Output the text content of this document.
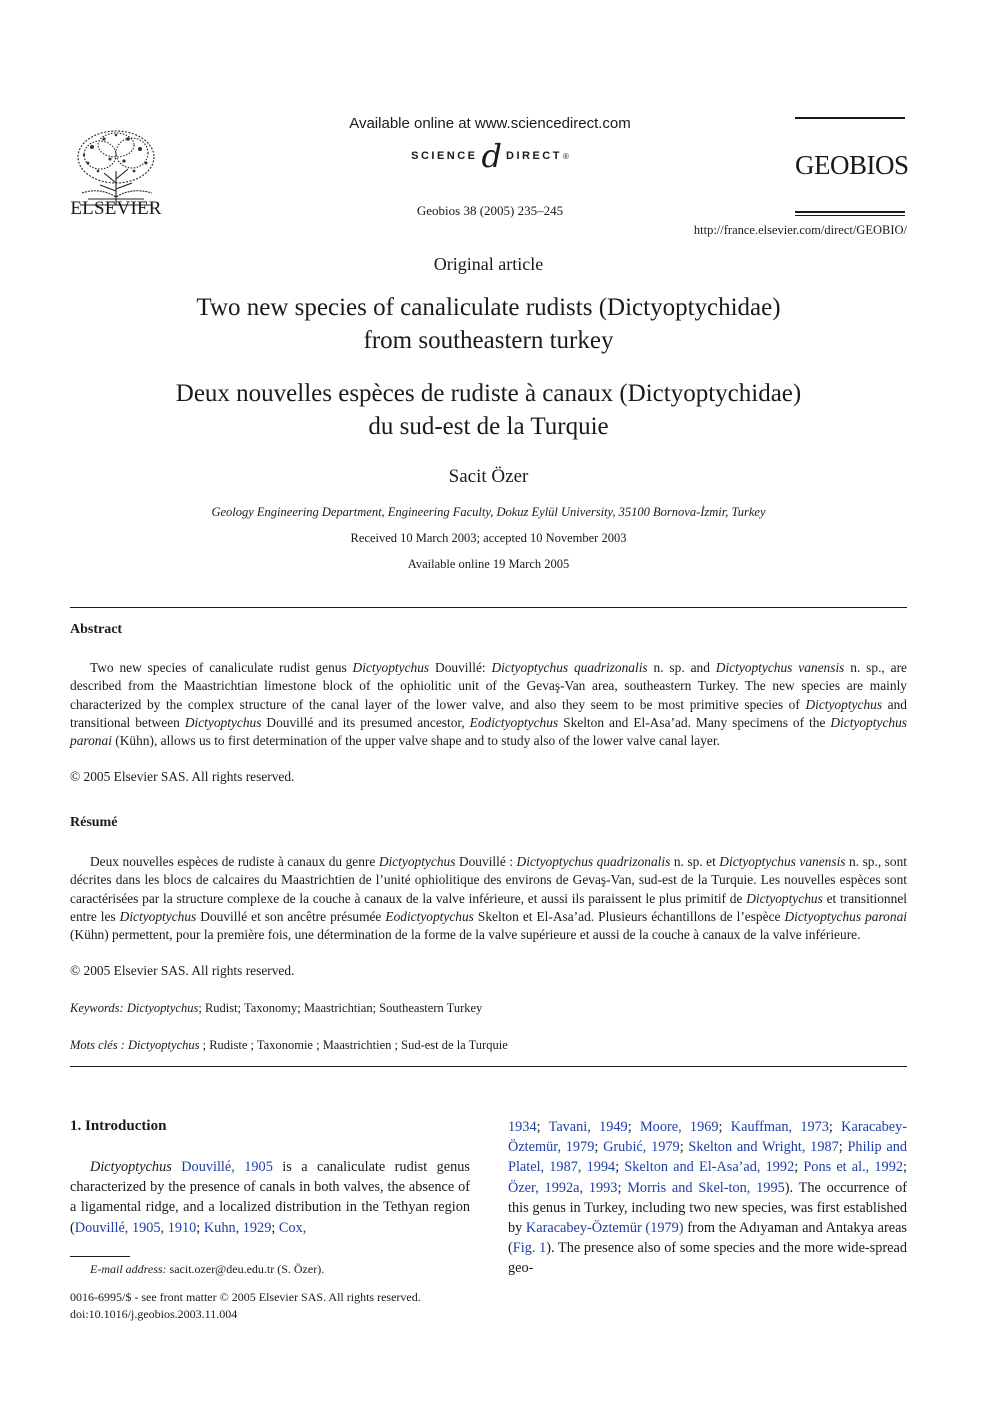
ELSEVIER
Available online at www.sciencedirect.com
SCIENCE d DIRECT ®
Geobios 38 (2005) 235–245
GEOBIOS
http://france.elsevier.com/direct/GEOBIO/
Original article
Two new species of canaliculate rudists (Dictyoptychidae)
from southeastern turkey
Deux nouvelles espèces de rudiste à canaux (Dictyoptychidae)
du sud-est de la Turquie
Sacit Özer
Geology Engineering Department, Engineering Faculty, Dokuz Eylül University, 35100 Bornova-İzmir, Turkey
Received 10 March 2003; accepted 10 November 2003
Available online 19 March 2005
Abstract
Two new species of canaliculate rudist genus Dictyoptychus Douvillé: Dictyoptychus quadrizonalis n. sp. and Dictyoptychus vanensis n. sp., are described from the Maastrichtian limestone block of the ophiolitic unit of the Gevaş-Van area, southeastern Turkey. The new species are mainly characterized by the complex structure of the canal layer of the lower valve, and also they seem to be most primitive species of Dictyoptychus and transitional between Dictyoptychus Douvillé and its presumed ancestor, Eodictyoptychus Skelton and El-Asa’ad. Many specimens of the Dictyoptychus paronai (Kühn), allows us to first determination of the upper valve shape and to study also of the lower valve canal layer.
© 2005 Elsevier SAS. All rights reserved.
Résumé
Deux nouvelles espèces de rudiste à canaux du genre Dictyoptychus Douvillé : Dictyoptychus quadrizonalis n. sp. et Dictyoptychus vanensis n. sp., sont décrites dans les blocs de calcaires du Maastrichtien de l’unité ophiolitique des environs de Gevaş-Van, sud-est de la Turquie. Les nouvelles espèces sont caractérisées par la structure complexe de la couche à canaux de la valve inférieure, et aussi ils paraissent le plus primitif de Dictyoptychus et transitionnel entre les Dictyoptychus Douvillé et son ancêtre présumée Eodictyoptychus Skelton et El-Asa’ad. Plusieurs échantillons de l’espèce Dictyoptychus paronai (Kühn) permettent, pour la première fois, une détermination de la forme de la valve supérieure et aussi de la couche à canaux de la valve inférieure.
© 2005 Elsevier SAS. All rights reserved.
Keywords: Dictyoptychus; Rudist; Taxonomy; Maastrichtian; Southeastern Turkey
Mots clés : Dictyoptychus ; Rudiste ; Taxonomie ; Maastrichtien ; Sud-est de la Turquie
1. Introduction
Dictyoptychus Douvillé, 1905 is a canaliculate rudist genus characterized by the presence of canals in both valves, the absence of a ligamental ridge, and a localized distribution in the Tethyan region (Douvillé, 1905, 1910; Kuhn, 1929; Cox,
1934; Tavani, 1949; Moore, 1969; Kauffman, 1973; Karacabey-Öztemür, 1979; Grubić, 1979; Skelton and Wright, 1987; Philip and Platel, 1987, 1994; Skelton and El-Asa’ad, 1992; Pons et al., 1992; Özer, 1992a, 1993; Morris and Skel-ton, 1995). The occurrence of this genus in Turkey, including two new species, was first established by Karacabey-Öztemür (1979) from the Adıyaman and Antakya areas (Fig. 1). The presence also of some species and the more wide-spread geo-
E-mail address: sacit.ozer@deu.edu.tr (S. Özer).
0016-6995/$ - see front matter © 2005 Elsevier SAS. All rights reserved.
doi:10.1016/j.geobios.2003.11.004
